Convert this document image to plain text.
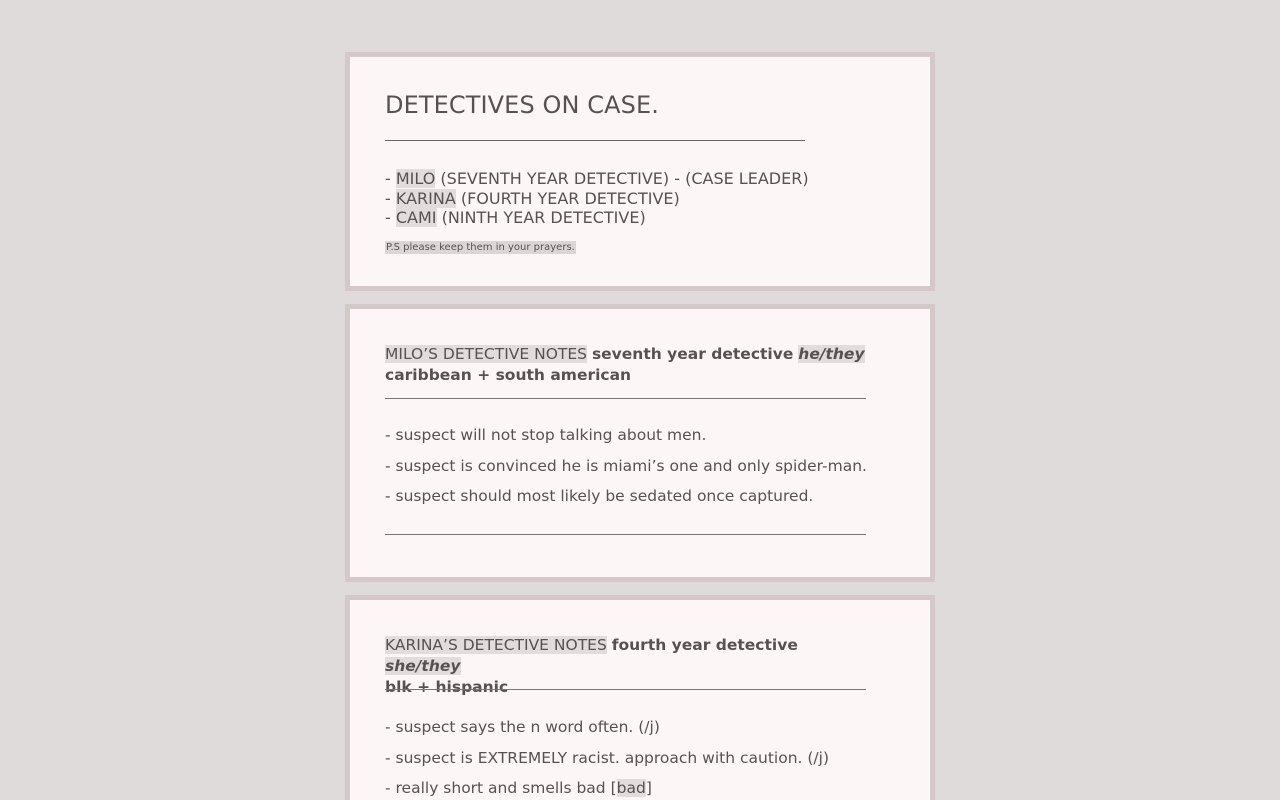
DETECTIVES ON CASE.
- MILO (SEVENTH YEAR DETECTIVE) - (CASE LEADER)
- KARINA (FOURTH YEAR DETECTIVE)
- CAMI (NINTH YEAR DETECTIVE)
P.S please keep them in your prayers.
MILO’S DETECTIVE NOTES seventh year detective he/they
caribbean + south american
- suspect will not stop talking about men.
- suspect is convinced he is miami’s one and only spider-man.
- suspect should most likely be sedated once captured.
KARINA’S DETECTIVE NOTES fourth year detective she/they
blk + hispanic
- suspect says the n word often. (/j)
- suspect is EXTREMELY racist. approach with caution. (/j)
- really short and smells bad [bad]
